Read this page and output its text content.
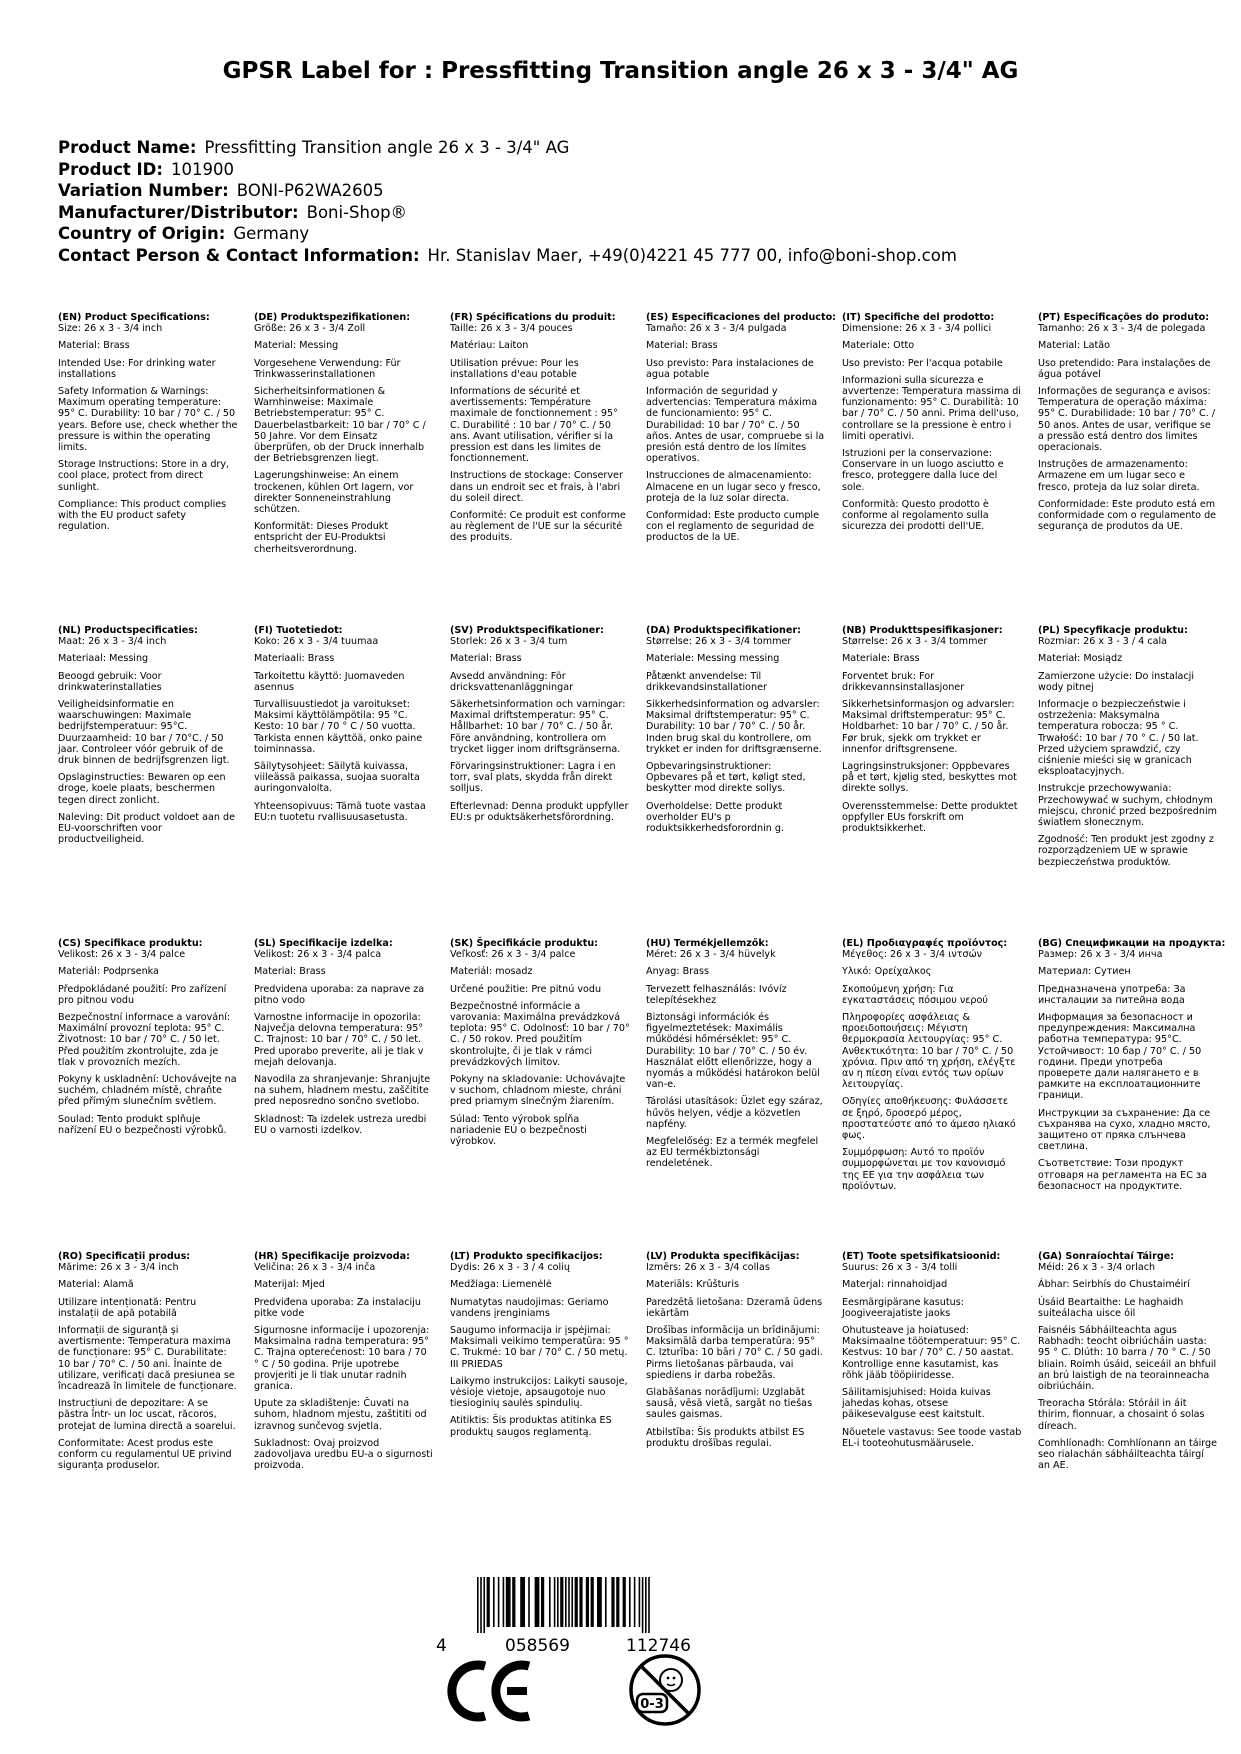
GPSR Label for : Pressfitting Transition angle 26 x 3 - 3/4" AG
Product Name: Pressfitting Transition angle 26 x 3 - 3/4" AG
Product ID: 101900
Variation Number: BONI-P62WA2605
Manufacturer/Distributor: Boni-Shop®
Country of Origin: Germany
Contact Person & Contact Information: Hr. Stanislav Maer, +49(0)4221 45 777 00, info@boni-shop.com
(EN) Product Specifications:
Size: 26 x 3 - 3/4 inch
Material: Brass
Intended Use: For drinking water installations
Safety Information & Warnings: Maximum operating temperature: 95° C. Durability: 10 bar / 70° C. / 50 years. Before use, check whether the pressure is within the operating limits.
Storage Instructions: Store in a dry, cool place, protect from direct sunlight.
Compliance: This product complies with the EU product safety regulation.
(DE) Produktspezifikationen:
Größe: 26 x 3 - 3/4 Zoll
Material: Messing
Vorgesehene Verwendung: Für Trinkwasserinstallationen
Sicherheitsinformationen & Warnhinweise: Maximale Betriebstemperatur: 95° C. Dauerbelastbarkeit: 10 bar / 70° C / 50 Jahre. Vor dem Einsatz überprüfen, ob der Druck innerhalb der Betriebsgrenzen liegt.
Lagerungshinweise: An einem trockenen, kühlen Ort lagern, vor direkter Sonneneinstrahlung schützen.
Konformität: Dieses Produkt entspricht der EU-Produktsi cherheitsverordnung.
(FR) Spécifications du produit:
Taille: 26 x 3 - 3/4 pouces
Matériau: Laiton
Utilisation prévue: Pour les installations d'eau potable
Informations de sécurité et avertissements: Température maximale de fonctionnement : 95° C. Durabilité : 10 bar / 70° C. / 50 ans. Avant utilisation, vérifier si la pression est dans les limites de fonctionnement.
Instructions de stockage: Conserver dans un endroit sec et frais, à l'abri du soleil direct.
Conformité: Ce produit est conforme au règlement de l'UE sur la sécurité des produits.
(ES) Especificaciones del producto:
Tamaño: 26 x 3 - 3/4 pulgada
Material: Brass
Uso previsto: Para instalaciones de agua potable
Información de seguridad y advertencias: Temperatura máxima de funcionamiento: 95° C. Durabilidad: 10 bar / 70° C. / 50 años. Antes de usar, compruebe si la presión está dentro de los límites operativos.
Instrucciones de almacenamiento: Almacene en un lugar seco y fresco, proteja de la luz solar directa.
Conformidad: Este producto cumple con el reglamento de seguridad de productos de la UE.
(IT) Specifiche del prodotto:
Dimensione: 26 x 3 - 3/4 pollici
Materiale: Otto
Uso previsto: Per l'acqua potabile
Informazioni sulla sicurezza e avvertenze: Temperatura massima di funzionamento: 95° C. Durabilità: 10 bar / 70° C. / 50 anni. Prima dell'uso, controllare se la pressione è entro i limiti operativi.
Istruzioni per la conservazione: Conservare in un luogo asciutto e fresco, proteggere dalla luce del sole.
Conformità: Questo prodotto è conforme al regolamento sulla sicurezza dei prodotti dell'UE.
(PT) Especificações do produto:
Tamanho: 26 x 3 - 3/4 de polegada
Material: Latão
Uso pretendido: Para instalações de água potável
Informações de segurança e avisos: Temperatura de operação máxima: 95° C. Durabilidade: 10 bar / 70° C. / 50 anos. Antes de usar, verifique se a pressão está dentro dos limites operacionais.
Instruções de armazenamento: Armazene em um lugar seco e fresco, proteja da luz solar direta.
Conformidade: Este produto está em conformidade com o regulamento de segurança de produtos da UE.
(NL) Productspecificaties:
Maat: 26 x 3 - 3/4 inch
Materiaal: Messing
Beoogd gebruik: Voor drinkwaterinstallaties
Veiligheidsinformatie en waarschuwingen: Maximale bedrijfstemperatuur: 95°C. Duurzaamheid: 10 bar / 70°C. / 50 jaar. Controleer vóór gebruik of de druk binnen de bedrijfsgrenzen ligt.
Opslaginstructies: Bewaren op een droge, koele plaats, beschermen tegen direct zonlicht.
Naleving: Dit product voldoet aan de EU-voorschriften voor productveiligheid.
(FI) Tuotetiedot:
Koko: 26 x 3 - 3/4 tuumaa
Materiaali: Brass
Tarkoitettu käyttö: Juomaveden asennus
Turvallisuustiedot ja varoitukset: Maksimi käyttölämpötila: 95 °C. Kesto: 10 bar / 70 ° C / 50 vuotta. Tarkista ennen käyttöä, onko paine toiminnassa.
Säilytysohjeet: Säilytä kuivassa, viileässä paikassa, suojaa suoralta auringonvalolta.
Yhteensopivuus: Tämä tuote vastaa EU:n tuotetu rvallisuusasetusta.
(SV) Produktspecifikationer:
Storlek: 26 x 3 - 3/4 tum
Material: Brass
Avsedd användning: För dricksvattenanläggningar
Säkerhetsinformation och varningar: Maximal driftstemperatur: 95° C. Hållbarhet: 10 bar / 70° C. / 50 år. Före användning, kontrollera om trycket ligger inom driftsgränserna.
Förvaringsinstruktioner: Lagra i en torr, sval plats, skydda från direkt solljus.
Efterlevnad: Denna produkt uppfyller EU:s pr oduktsäkerhetsförordning.
(DA) Produktspecifikationer:
Størrelse: 26 x 3 - 3/4 tommer
Materiale: Messing messing
Påtænkt anvendelse: Til drikkevandsinstallationer
Sikkerhedsinformation og advarsler: Maksimal driftstemperatur: 95° C. Durability: 10 bar / 70° C. / 50 år. Inden brug skal du kontrollere, om trykket er inden for driftsgrænserne.
Opbevaringsinstruktioner: Opbevares på et tørt, køligt sted, beskytter mod direkte sollys.
Overholdelse: Dette produkt overholder EU's p roduktsikkerhedsforordnin g.
(NB) Produkttspesifikasjoner:
Størrelse: 26 x 3 - 3/4 tommer
Materiale: Brass
Forventet bruk: For drikkevannsinstallasjoner
Sikkerhetsinformasjon og advarsler: Maksimal driftstemperatur: 95° C. Holdbarhet: 10 bar / 70° C. / 50 år. Før bruk, sjekk om trykket er innenfor driftsgrensene.
Lagringsinstruksjoner: Oppbevares på et tørt, kjølig sted, beskyttes mot direkte sollys.
Overensstemmelse: Dette produktet oppfyller EUs forskrift om produktsikkerhet.
(PL) Specyfikacje produktu:
Rozmiar: 26 x 3 - 3 / 4 cala
Materiał: Mosiądz
Zamierzone użycie: Do instalacji wody pitnej
Informacje o bezpieczeństwie i ostrzeżenia: Maksymalna temperatura robocza: 95 ° C. Trwałość: 10 bar / 70 ° C. / 50 lat. Przed użyciem sprawdzić, czy ciśnienie mieści się w granicach eksploatacyjnych.
Instrukcje przechowywania: Przechowywać w suchym, chłodnym miejscu, chronić przed bezpośrednim światłem słonecznym.
Zgodność: Ten produkt jest zgodny z rozporządzeniem UE w sprawie bezpieczeństwa produktów.
(CS) Specifikace produktu:
Velikost: 26 x 3 - 3/4 palce
Materiál: Podprsenka
Předpokládané použití: Pro zařízení pro pitnou vodu
Bezpečnostní informace a varování: Maximální provozní teplota: 95° C. Životnost: 10 bar / 70° C. / 50 let. Před použitím zkontrolujte, zda je tlak v provozních mezích.
Pokyny k uskladnění: Uchovávejte na suchém, chladném místě, chraňte před přímým slunečním světlem.
Soulad: Tento produkt splňuje nařízení EU o bezpečnosti výrobků.
(SL) Specifikacije izdelka:
Velikost: 26 x 3 - 3/4 palca
Material: Brass
Predvidena uporaba: za naprave za pitno vodo
Varnostne informacije in opozorila: Največja delovna temperatura: 95° C. Trajnost: 10 bar / 70° C. / 50 let. Pred uporabo preverite, ali je tlak v mejah delovanja.
Navodila za shranjevanje: Shranjujte na suhem, hladnem mestu, zaščitite pred neposredno sončno svetlobo.
Skladnost: Ta izdelek ustreza uredbi EU o varnosti izdelkov.
(SK) Špecifikácie produktu:
Veľkosť: 26 x 3 - 3/4 palce
Materiál: mosadz
Určené použitie: Pre pitnú vodu
Bezpečnostné informácie a varovania: Maximálna prevádzková teplota: 95° C. Odolnosť: 10 bar / 70° C. / 50 rokov. Pred použitím skontrolujte, či je tlak v rámci prevádzkových limitov.
Pokyny na skladovanie: Uchovávajte v suchom, chladnom mieste, chráni pred priamym slnečným žiarením.
Súlad: Tento výrobok spĺňa nariadenie EÚ o bezpečnosti výrobkov.
(HU) Termékjellemzők:
Méret: 26 x 3 - 3/4 hüvelyk
Anyag: Brass
Tervezett felhasználás: Ivóvíz telepítésekhez
Biztonsági információk és figyelmeztetések: Maximális működési hőmérséklet: 95° C. Durability: 10 bar / 70° C. / 50 év. Használat előtt ellenőrizze, hogy a nyomás a működési határokon belül van-e.
Tárolási utasítások: Üzlet egy száraz, hűvös helyen, védje a közvetlen napfény.
Megfelelőség: Ez a termék megfelel az EU termékbiztonsági rendeletének.
(EL) Προδιαγραφές προϊόντος:
Μέγεθος: 26 x 3 - 3/4 ιντσών
Υλικό: Ορείχαλκος
Σκοπούμενη χρήση: Για εγκαταστάσεις πόσιμου νερού
Πληροφορίες ασφάλειας & προειδοποιήσεις: Μέγιστη θερμοκρασία λειτουργίας: 95° C. Ανθεκτικότητα: 10 bar / 70° C. / 50 χρόνια. Πριν από τη χρήση, ελέγξτε αν η πίεση είναι εντός των ορίων λειτουργίας.
Οδηγίες αποθήκευσης: Φυλάσσετε σε ξηρό, δροσερό μέρος, προστατεύστε από το άμεσο ηλιακό φως.
Συμμόρφωση: Αυτό το προϊόν συμμορφώνεται με τον κανονισμό της ΕΕ για την ασφάλεια των προϊόντων.
(BG) Спецификации на продукта:
Размер: 26 x 3 - 3/4 инча
Материал: Сутиен
Предназначена употреба: За инсталации за питейна вода
Информация за безопасност и предупреждения: Максимална работна температура: 95°C. Устойчивост: 10 бар / 70° C. / 50 години. Преди употреба проверете дали налягането е в рамките на експлоатационните граници.
Инструкции за съхранение: Да се съхранява на сухо, хладно място, защитено от пряка слънчева светлина.
Съответствие: Този продукт отговаря на регламента на ЕС за безопасност на продуктите.
(RO) Specificații produs:
Mărime: 26 x 3 - 3/4 inch
Material: Alamă
Utilizare intenționată: Pentru instalații de apă potabilă
Informații de siguranță și avertismente: Temperatura maxima de funcționare: 95° C. Durabilitate: 10 bar / 70° C. / 50 ani. Înainte de utilizare, verificați dacă presiunea se încadrează în limitele de funcționare.
Instrucțiuni de depozitare: A se păstra într- un loc uscat, răcoros, protejat de lumina directă a soarelui.
Conformitate: Acest produs este conform cu regulamentul UE privind siguranța produselor.
(HR) Specifikacije proizvoda:
Veličina: 26 x 3 - 3/4 inča
Materijal: Mjed
Predviđena uporaba: Za instalaciju pitke vode
Sigurnosne informacije i upozorenja: Maksimalna radna temperatura: 95° C. Trajna opterećenost: 10 bara / 70 ° C / 50 godina. Prije upotrebe provjeriti je li tlak unutar radnih granica.
Upute za skladištenje: Čuvati na suhom, hladnom mjestu, zaštititi od izravnog sunčevog svjetla.
Sukladnost: Ovaj proizvod zadovoljava uredbu EU-a o sigurnosti proizvoda.
(LT) Produkto specifikacijos:
Dydis: 26 x 3 - 3 / 4 colių
Medžiaga: Liemenėlė
Numatytas naudojimas: Geriamo vandens įrenginiams
Saugumo informacija ir įspėjimai: Maksimali veikimo temperatūra: 95 ° C. Trukmė: 10 bar / 70° C. / 50 metų. III PRIEDAS
Laikymo instrukcijos: Laikyti sausoje, vėsioje vietoje, apsaugotoje nuo tiesioginių saulės spindulių.
Atitiktis: Šis produktas atitinka ES produktų saugos reglamentą.
(LV) Produkta specifikācijas:
Izmērs: 26 x 3 - 3/4 collas
Materiāls: Krūšturis
Paredzētā lietošana: Dzeramā ūdens iekārtām
Drošības informācija un brīdinājumi: Maksimālā darba temperatūra: 95° C. Izturība: 10 bāri / 70° C. / 50 gadi. Pirms lietošanas pārbauda, vai spiediens ir darba robežās.
Glabāšanas norādījumi: Uzglabāt sausā, vēsā vietā, sargāt no tiešas saules gaismas.
Atbilstība: Šis produkts atbilst ES produktu drošības regulai.
(ET) Toote spetsifikatsioonid:
Suurus: 26 x 3 - 3/4 tolli
Materjal: rinnahoidjad
Eesmärgipärane kasutus: Joogiveerajatiste jaoks
Ohutusteave ja hoiatused: Maksimaalne töötemperatuur: 95° C. Kestvus: 10 bar / 70° C. / 50 aastat. Kontrollige enne kasutamist, kas rõhk jääb tööpiiridesse.
Säilitamisjuhised: Hoida kuivas jahedas kohas, otsese päikesevalguse eest kaitstult.
Nõuetele vastavus: See toode vastab EL-i tooteohutusmäärusele.
(GA) Sonraíochtaí Táirge:
Méid: 26 x 3 - 3/4 orlach
Ábhar: Seirbhís do Chustaiméirí
Úsáid Beartaithe: Le haghaidh suiteálacha uisce óil
Faisnéis Sábháilteachta agus Rabhadh: teocht oibriúcháin uasta: 95 ° C. Dlúth: 10 barra / 70 ° C. / 50 bliain. Roimh úsáid, seiceáil an bhfuil an brú laistigh de na teorainneacha oibriúcháin.
Treoracha Stórála: Stóráil in áit thirim, fionnuar, a chosaint ó solas díreach.
Comhlíonadh: Comhlíonann an táirge seo rialachán sábháilteachta táirgí an AE.
4	058569	112746
0-3
